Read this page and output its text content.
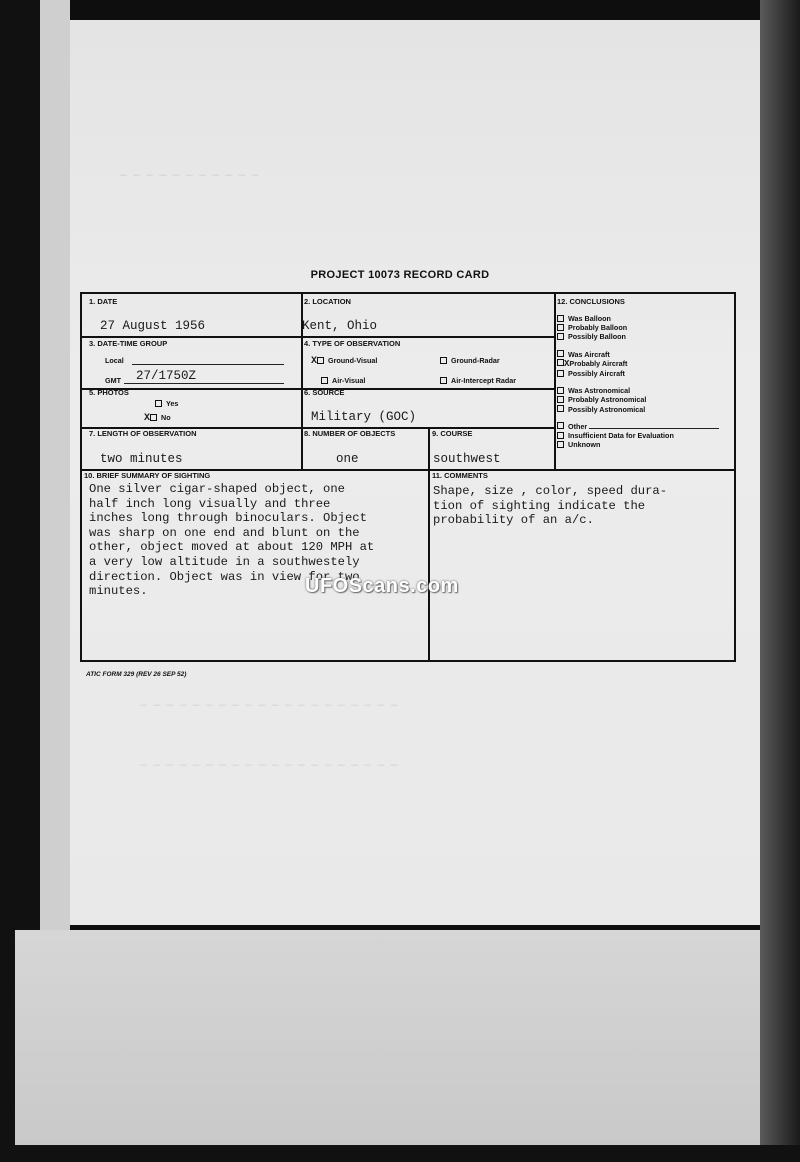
— — — — — — — — — — —
— — — — — — — — — — — — — — — — — — — —
— — — — — — — — — — — — — — — — — — — —
PROJECT 10073 RECORD CARD
1. DATE
27 August 1956
2. LOCATION
Kent, Ohio
3. DATE-TIME GROUP
Local
GMT 27/1750Z
4. TYPE OF OBSERVATION
X Ground-Visual	Ground-Radar
Air-Visual	Air-Intercept Radar
5. PHOTOS
Yes
X No
6. SOURCE
Military (GOC)
7. LENGTH OF OBSERVATION
two minutes
8. NUMBER OF OBJECTS
one
9. COURSE
southwest
10. BRIEF SUMMARY OF SIGHTING
One silver cigar-shaped object, one
half inch long visually and three
inches long through binoculars. Object
was sharp on one end and blunt on the
other, object moved at about 120 MPH at
a very low altitude in a southwestely
direction. Object was in view for two
minutes.
11. COMMENTS
Shape, size , color, speed dura-
tion of sighting indicate the
probability of an a/c.
12. CONCLUSIONS
Was Balloon
Probably Balloon
Possibly Balloon
Was Aircraft
XProbably Aircraft
Possibly Aircraft
Was Astronomical
Probably Astronomical
Possibly Astronomical
Other
Insufficient Data for Evaluation
Unknown
ATIC FORM 329 (REV 26 SEP 52)
UFOScans.com
